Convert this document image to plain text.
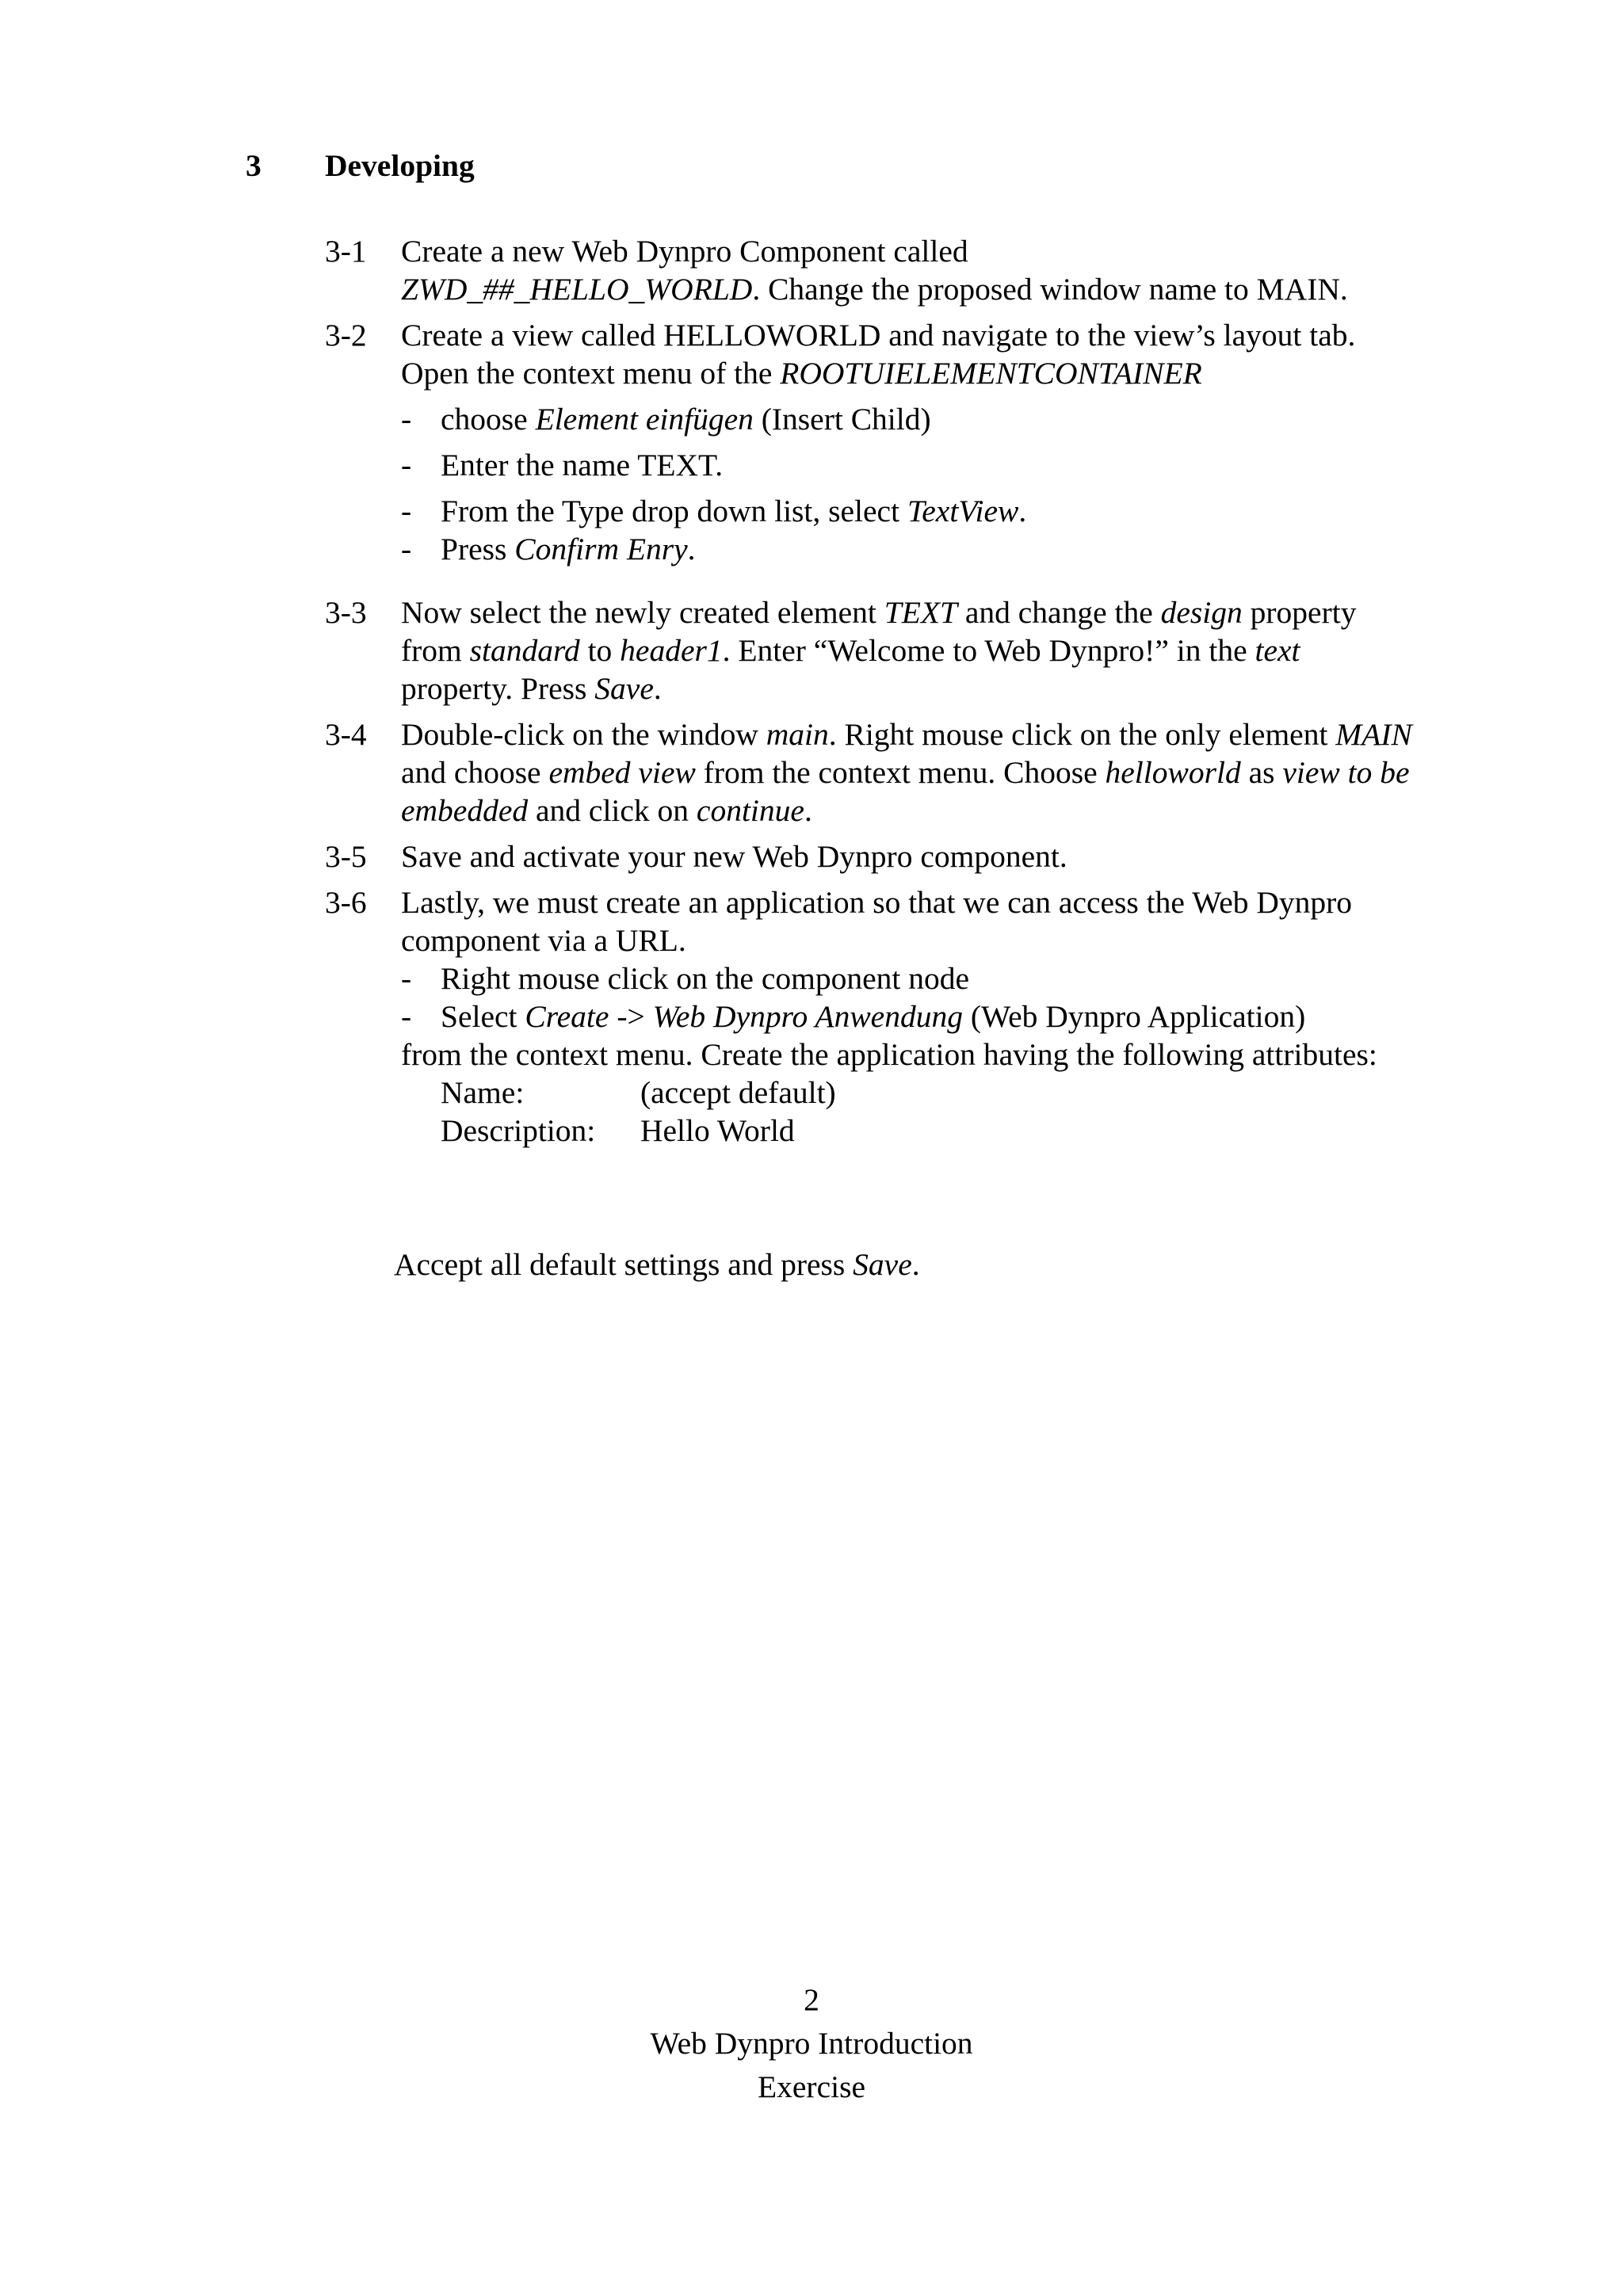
3 Developing
3-1	Create a new Web Dynpro Component called
ZWD_##_HELLO_WORLD. Change the proposed window name to MAIN.
3-2	Create a view called HELLOWORLD and navigate to the view’s layout tab. Open the context menu of the ROOTUIELEMENTCONTAINER
- choose Element einfügen (Insert Child)
- Enter the name TEXT.
- From the Type drop down list, select TextView.
- Press Confirm Enry.
3-3	Now select the newly created element TEXT and change the design property from standard to header1. Enter “Welcome to Web Dynpro!” in the text property. Press Save.
3-4	Double-click on the window main. Right mouse click on the only element MAIN and choose embed view from the context menu. Choose helloworld as view to be embedded and click on continue.
3-5	Save and activate your new Web Dynpro component.
3-6	Lastly, we must create an application so that we can access the Web Dynpro component via a URL.
- Right mouse click on the component node
- Select Create -> Web Dynpro Anwendung (Web Dynpro Application)
from the context menu. Create the application having the following attributes:
Name:	(accept default)
Description:	Hello World
Accept all default settings and press Save.
2
Web Dynpro Introduction
Exercise
